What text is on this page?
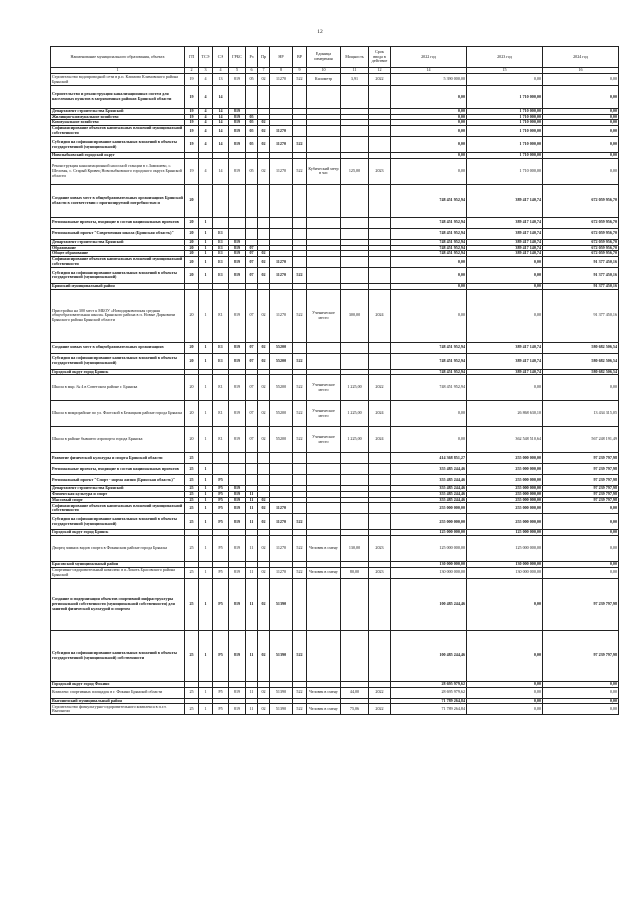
12
Наименование муниципального образования, объекта	ГП	ТСЭ	СЭ	ГРБС	Рз	Пр	НР	ВР	Единица измерения	Мощность	Срок ввода в действие	2022 год	2023 год	2024 год
1	2	3	4	5	6	7	8	9	10	11	12	14	15	16
Строительство водопроводной сети в р.п. Климово Климовского района Брянской	19	4	13	819	05	02	11270	522	Километр	3,91	2022	5 390 000,00	0,00	0,00
Строительство и реконструкция канализационных систем для населенных пунктов в загрязненных районах Брянской области	19	4	14									0,00	1 710 000,00	0,00
Департамент строительства Брянской	19	4	14	819								0,00	1 710 000,00	0,00
Жилищно-коммунальное хозяйство	19	4	14	819	05							0,00	1 710 000,00	0,00
Коммунальное хозяйство	19	4	14	819	05	02						0,00	1 710 000,00	0,00
Софинансирование объектов капитальных вложений муниципальной собственности	19	4	14	819	05	02	11270					0,00	1 710 000,00	0,00
Субсидии на софинансирование капитальных вложений в объекты государственной (муниципальной)	19	4	14	819	05	02	11270	522				0,00	1 710 000,00	0,00
Новозыбковский городской округ												0,00	1 710 000,00	0,00
Реконструкция канализационной насосной станции в с.Замишево, с. Шеломы, с. Старый Кривец Новозыбковского городского округа Брянской области	19	4	14	819	05	02	11270	522	Кубический метр в час	125,00	2023	0,00	1 710 000,00	0,00
Создание новых мест в общеобразовательных организациях Брянской области в соответствии с прогнозируемой потребностью и	20											748 451 952,94	389 417 140,74	672 059 956,70
Региональные проекты, входящие в состав национальных проектов	20	1										748 451 952,94	389 417 140,74	672 059 956,70
Региональный проект "Современная школа (Брянская область)"	20	1	E1									748 451 952,94	389 417 140,74	672 059 956,70
Департамент строительства Брянской	20	1	E1	819								748 451 952,94	389 417 140,74	672 059 956,70
Образование	20	1	E1	819	07							748 451 952,94	389 417 140,74	672 059 956,70
Общее образование	20	1	E1	819	07	02						748 451 952,94	389 417 140,74	672 059 956,70
Софинансирование объектов капитальных вложений муниципальной собственности	20	1	E1	819	07	02	11270					0,00	0,00	91 377 450,16
Субсидии на софинансирование капитальных вложений в объекты государственной (муниципальной)	20	1	E1	819	07	02	11270	522				0,00	0,00	91 377 450,16
Брянский муниципальный район												0,00	0,00	91 377 450,16
Пристройка на 300 мест к МБОУ «Новодарковичская средняя общеобразовательная школа» Брянского района в п. Новые Дарковичи Брянского района Брянской области	20	1	E1	819	07	02	11270	522	Ученическое место	300,00	2024	0,00	0,00	91 377 450,16
Создание новых мест в общеобразовательных организациях	20	1	E1	819	07	02	55200					748 451 952,94	389 417 140,74	580 682 506,54
Субсидии на софинансирование капитальных вложений в объекты государственной (муниципальной)	20	1	E1	819	07	02	55200	522				748 451 952,94	389 417 140,74	580 682 506,54
Городской округ город Брянск												748 451 952,94	389 417 140,74	580 682 506,54
Школа в мкр. № 4 в Советском районе г. Брянска	20	1	E1	819	07	02	55200	522	Ученическое место	1 225,00	2022	748 451 952,94	0,00	0,00
Школа в микрорайоне по ул. Флотской в Бежицком районе города Брянска	20	1	E1	819	07	02	55200	522	Ученическое место	1 225,00	2024	0,00	26 868 630,10	13 434 315,05
Школа в районе бывшего аэропорта города Брянска	20	1	E1	819	07	02	55200	522	Ученическое место	1 225,00	2024	0,00	362 548 510,64	567 248 191,49
Развитие физической культуры и спорта Брянской области	25											414 368 851,27	255 000 000,00	97 239 797,98
Региональные проекты, входящие в состав национальных проектов	25	1										355 485 244,46	255 000 000,00	97 239 797,98
Региональный проект "Спорт - норма жизни (Брянская область)"	25	1	P5									355 485 244,46	255 000 000,00	97 239 797,98
Департамент строительства Брянской	25	1	P5	819								355 485 244,46	255 000 000,00	97 239 797,98
Физическая культура и спорт	25	1	P5	819	11							355 485 244,46	255 000 000,00	97 239 797,98
Массовый спорт	25	1	P5	819	11	02						355 485 244,46	255 000 000,00	97 239 797,98
Софинансирование объектов капитальных вложений муниципальной собственности	25	1	P5	819	11	02	11270					255 000 000,00	255 000 000,00	0,00
Субсидии на софинансирование капитальных вложений в объекты государственной (муниципальной)	25	1	P5	819	11	02	11270	522				255 000 000,00	255 000 000,00	0,00
Городской округ город Брянск												125 000 000,00	125 000 000,00	0,00
Дворец зимних видов спорта в Фокинском районе города Брянска	25	1	P5	819	11	02	11270	522	Человек в смену	130,00	2023	125 000 000,00	125 000 000,00	0,00
Брасовский муниципальный район												130 000 000,00	130 000 000,00	0,00
Спортивно-оздоровительный комплекс в п.Локоть Брасовского района Брянской	25	1	P5	819	11	02	11270	522	Человек в смену	80,00	2023	130 000 000,00	130 000 000,00	0,00
Создание и модернизация объектов спортивной инфраструктуры региональной собственности (муниципальной собственности) для занятий физической культурой и спортом	25	1	P5	819	11	02	51390					100 485 244,46	0,00	97 239 797,98
Субсидии на софинансирование капитальных вложений в объекты государственной (муниципальной) собственности	25	1	P5	819	11	02	51390	522				100 485 244,46	0,00	97 239 797,98
Городской округ город Фокино												28 695 979,62	0,00	0,00
Комплекс спортивных площадок в г. Фокино Брянской области	25	1	P5	819	11	02	51390	522	Человек в смену	44,00	2022	28 695 979,62	0,00	0,00
Выгоничский муниципальный район												71 789 264,84	0,00	0,00
Строительство физкультурно-оздоровительного комплекса в п.г.т. Выгоничи	25	1	P5	819	11	02	51390	522	Человек в смену	75,06	2022	71 789 264,84	0,00	0,00
